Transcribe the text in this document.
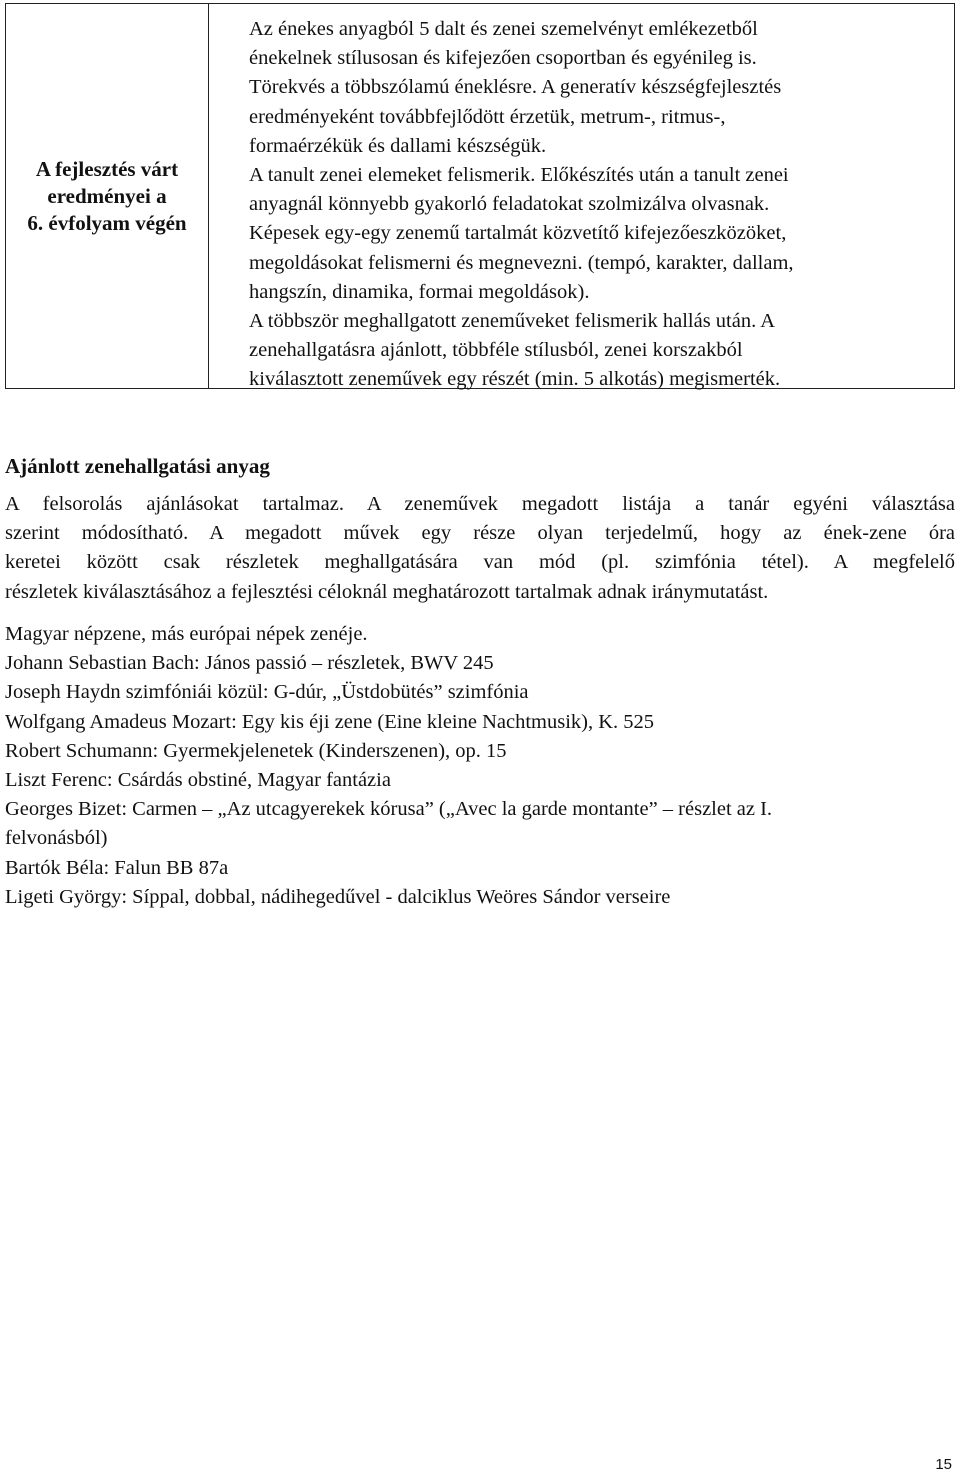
A fejlesztés várt
eredményei a
6. évfolyam végén
Az énekes anyagból 5 dalt és zenei szemelvényt emlékezetből
énekelnek stílusosan és kifejezően csoportban és egyénileg is.
Törekvés a többszólamú éneklésre. A generatív készségfejlesztés
eredményeként továbbfejlődött érzetük, metrum-, ritmus-,
formaérzékük és dallami készségük.
A tanult zenei elemeket felismerik. Előkészítés után a tanult zenei
anyagnál könnyebb gyakorló feladatokat szolmizálva olvasnak.
Képesek egy-egy zenemű tartalmát közvetítő kifejezőeszközöket,
megoldásokat felismerni és megnevezni. (tempó, karakter, dallam,
hangszín, dinamika, formai megoldások).
A többször meghallgatott zeneműveket felismerik hallás után. A
zenehallgatásra ajánlott, többféle stílusból, zenei korszakból
kiválasztott zeneművek egy részét (min. 5 alkotás) megismerték.
Ajánlott zenehallgatási anyag
A felsorolás ajánlásokat tartalmaz. A zeneművek megadott listája a tanár egyéni választása
szerint módosítható. A megadott művek egy része olyan terjedelmű, hogy az ének-zene óra
keretei között csak részletek meghallgatására van mód (pl. szimfónia tétel). A megfelelő
részletek kiválasztásához a fejlesztési céloknál meghatározott tartalmak adnak iránymutatást.
Magyar népzene, más európai népek zenéje.
Johann Sebastian Bach: János passió – részletek, BWV 245
Joseph Haydn szimfóniái közül: G-dúr, „Üstdobütés” szimfónia
Wolfgang Amadeus Mozart: Egy kis éji zene (Eine kleine Nachtmusik), K. 525
Robert Schumann: Gyermekjelenetek (Kinderszenen), op. 15
Liszt Ferenc: Csárdás obstiné, Magyar fantázia
Georges Bizet: Carmen – „Az utcagyerekek kórusa” („Avec la garde montante” – részlet az I.
felvonásból)
Bartók Béla: Falun BB 87a
Ligeti György: Síppal, dobbal, nádihegedűvel - dalciklus Weöres Sándor verseire
15
